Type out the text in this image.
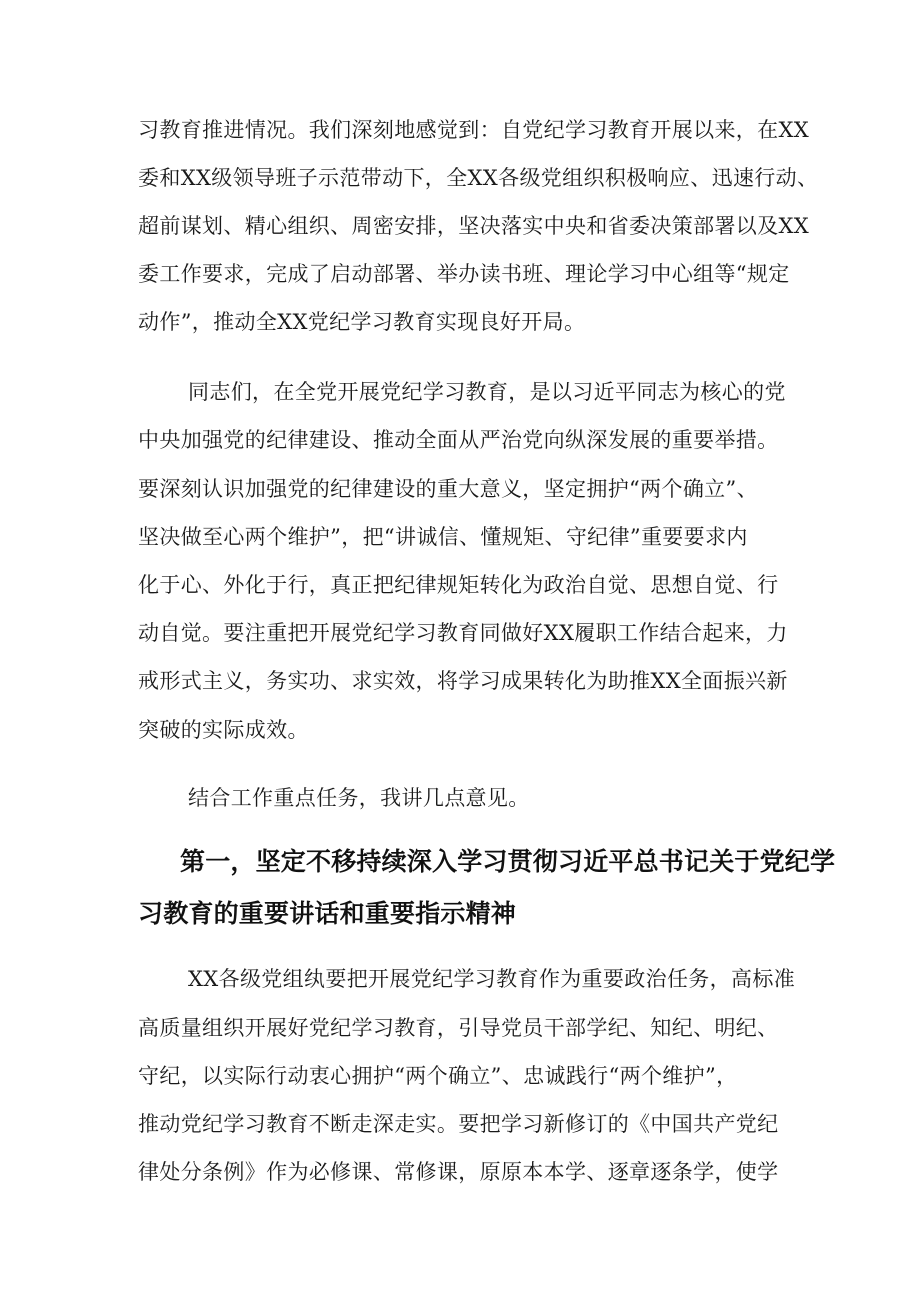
习教育推进情况。我们深刻地感觉到：自党纪学习教育开展以来，在XX
委和XX级领导班子示范带动下，全XX各级党组织积极响应、迅速行动、
超前谋划、精心组织、周密安排，坚决落实中央和省委决策部署以及XX
委工作要求，完成了启动部署、举办读书班、理论学习中心组等“规定
动作”，推动全XX党纪学习教育实现良好开局。
同志们，在全党开展党纪学习教育，是以习近平同志为核心的党
中央加强党的纪律建设、推动全面从严治党向纵深发展的重要举措。
要深刻认识加强党的纪律建设的重大意义，坚定拥护“两个确立”、
坚决做至心两个维护”，把“讲诚信、懂规矩、守纪律”重要要求内
化于心、外化于行，真正把纪律规矩转化为政治自觉、思想自觉、行
动自觉。要注重把开展党纪学习教育同做好XX履职工作结合起来，力
戒形式主义，务实功、求实效，将学习成果转化为助推XX全面振兴新
突破的实际成效。
结合工作重点任务，我讲几点意见。
第一，坚定不移持续深入学习贯彻习近平总书记关于党纪学
习教育的重要讲话和重要指示精神
XX各级党组纨要把开展党纪学习教育作为重要政治任务，高标准
高质量组织开展好党纪学习教育，引导党员干部学纪、知纪、明纪、
守纪，以实际行动衷心拥护“两个确立”、忠诚践行“两个维护”，
推动党纪学习教育不断走深走实。要把学习新修订的《中国共产党纪
律处分条例》作为必修课、常修课，原原本本学、逐章逐条学，使学
